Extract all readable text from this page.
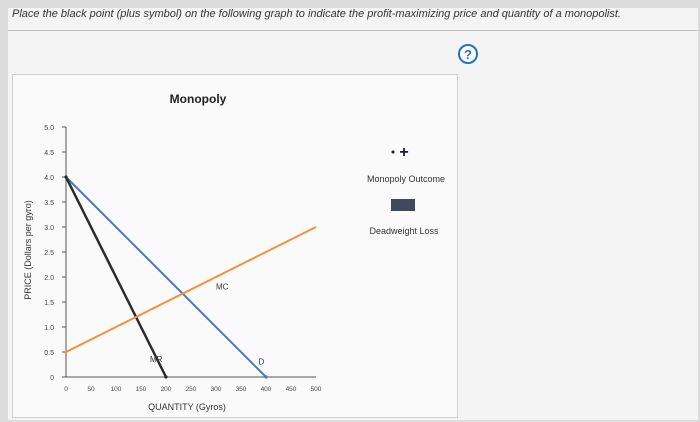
Place the black point (plus symbol) on the following graph to indicate the profit-maximizing price and quantity of a monopolist.
?
Monopoly
PRICE (Dollars per gyro)
QUANTITY (Gyros)
0
0.5
1.0
1.5
2.0
2.5
3.0
3.5
4.0
4.5
5.0
0	50 100 150 200 250 300 350 400 450 500
D
MR
MC
+
Monopoly Outcome
Deadweight Loss
